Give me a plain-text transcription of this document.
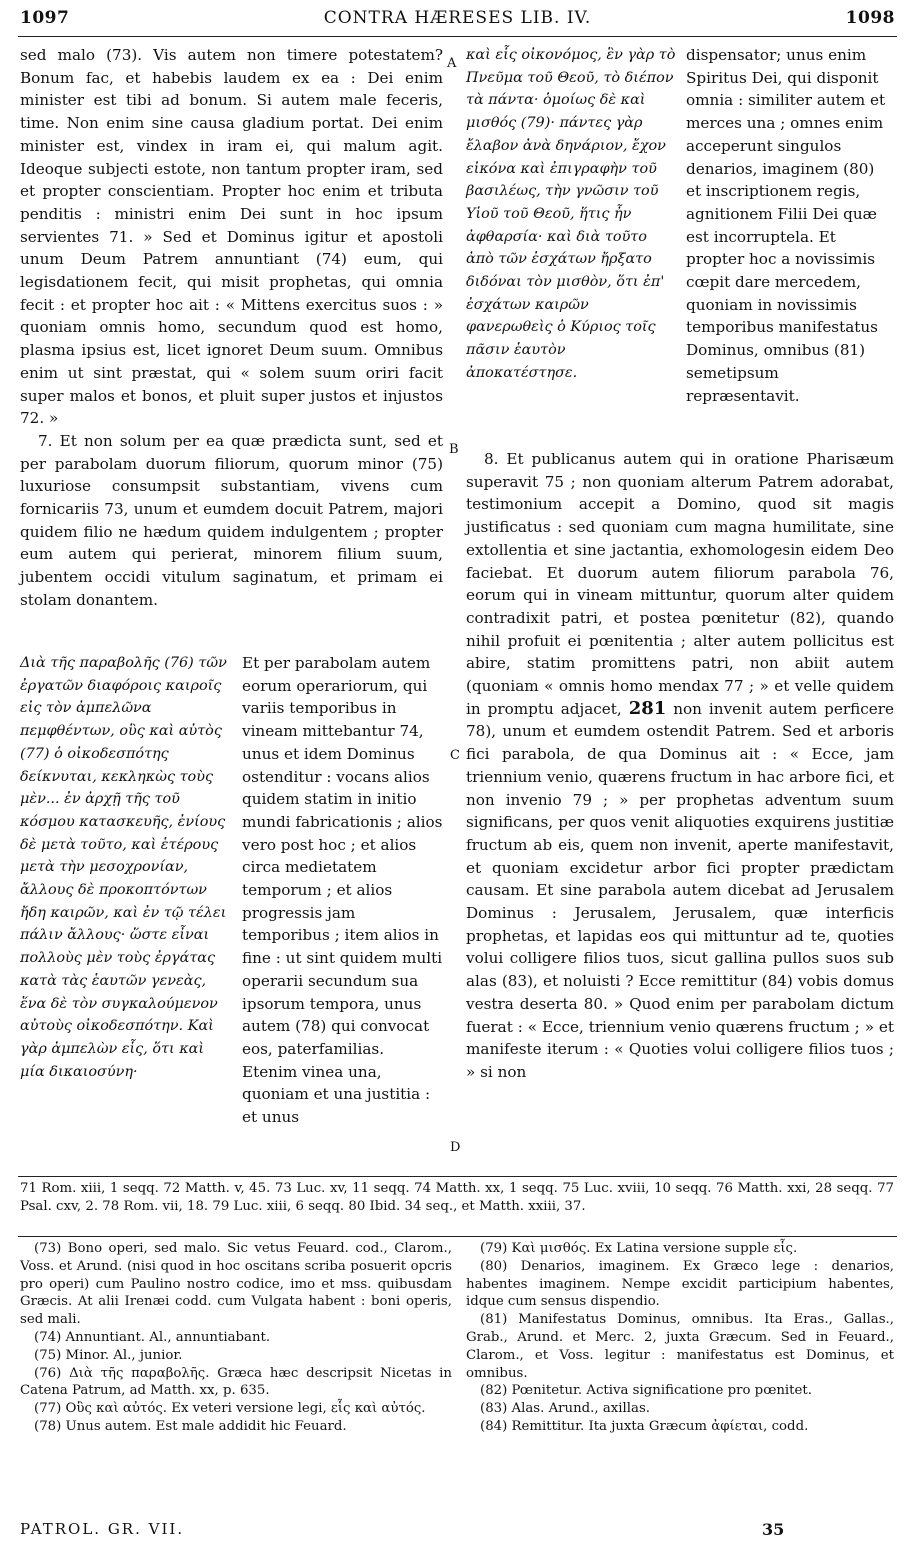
1097	CONTRA HÆRESES LIB. IV.	1098

sed malo (73). Vis autem non timere potestatem? Bonum fac, et habebis laudem ex ea : Dei enim minister est tibi ad bonum. Si autem male feceris, time. Non enim sine causa gladium portat. Dei enim minister est, vindex in iram ei, qui malum agit. Ideoque subjecti estote, non tantum propter iram, sed et propter conscientiam. Propter hoc enim et tributa penditis : ministri enim Dei sunt in hoc ipsum servientes 71. » Sed et Dominus igitur et apostoli unum Deum Patrem annuntiant (74) eum, qui legisdationem fecit, qui misit prophetas, qui omnia fecit : et propter hoc ait : « Mittens exercitus suos : » quoniam omnis homo, secundum quod est homo, plasma ipsius est, licet ignoret Deum suum. Omnibus enim ut sint præstat, qui « solem suum oriri facit super malos et bonos, et pluit super justos et injustos 72. »

7. Et non solum per ea quæ prædicta sunt, sed et per parabolam duorum filiorum, quorum minor (75) luxuriose consumpsit substantiam, vivens cum fornicariis 73, unum et eumdem docuit Patrem, majori quidem filio ne hædum quidem indulgentem ; propter eum autem qui perierat, minorem filium suum, jubentem occidi vitulum saginatum, et primam ei stolam donantem.

Διὰ τῆς παραβολῆς (76) τῶν ἐργατῶν διαφόροις καιροῖς εἰς τὸν ἀμπελῶνα πεμφθέντων, οὓς καὶ αὐτὸς (77) ὁ οἰκοδεσπότης δείκνυται, κεκληκὼς τοὺς μὲν... ἐν ἀρχῇ τῆς τοῦ κόσμου κατασκευῆς, ἐνίους δὲ μετὰ τοῦτο, καὶ ἑτέρους μετὰ τὴν μεσοχρονίαν, ἄλλους δὲ προκοπτόντων ἤδη καιρῶν, καὶ ἐν τῷ τέλει πάλιν ἄλλους· ὥστε εἶναι πολλοὺς μὲν τοὺς ἐργάτας κατὰ τὰς ἑαυτῶν γενεὰς, ἕνα δὲ τὸν συγκαλούμενον αὐτοὺς οἰκοδεσπότην. Καὶ γὰρ ἀμπελὼν εἷς, ὅτι καὶ μία δικαιοσύνη·
Et per parabolam autem eorum operariorum, qui variis temporibus in vineam mittebantur 74, unus et idem Dominus ostenditur : vocans alios quidem statim in initio mundi fabricationis ; alios vero post hoc ; et alios circa medietatem temporum ; et alios progressis jam temporibus ; item alios in fine : ut sint quidem multi operarii secundum sua ipsorum tempora, unus autem (78) qui convocat eos, paterfamilias. Etenim vinea una, quoniam et una justitia : et unus
A
B
C
D
καὶ εἷς οἰκονόμος, ἓν γὰρ τὸ Πνεῦμα τοῦ Θεοῦ, τὸ διέπον τὰ πάντα· ὁμοίως δὲ καὶ μισθός (79)· πάντες γὰρ ἔλαβον ἀνὰ δηνάριον, ἔχον εἰκόνα καὶ ἐπιγραφὴν τοῦ βασιλέως, τὴν γνῶσιν τοῦ Υἱοῦ τοῦ Θεοῦ, ἥτις ἦν ἀφθαρσία· καὶ διὰ τοῦτο ἀπὸ τῶν ἐσχάτων ἤρξατο διδόναι τὸν μισθὸν, ὅτι ἐπ' ἐσχάτων καιρῶν φανερωθεὶς ὁ Κύριος τοῖς πᾶσιν ἑαυτὸν ἀποκατέστησε.
dispensator; unus enim Spiritus Dei, qui disponit omnia : similiter autem et merces una ; omnes enim acceperunt singulos denarios, imaginem (80) et inscriptionem regis, agnitionem Filii Dei quæ est incorruptela. Et propter hoc a novissimis cœpit dare mercedem, quoniam in novissimis temporibus manifestatus Dominus, omnibus (81) semetipsum repræsentavit.

8. Et publicanus autem qui in oratione Pharisæum superavit 75 ; non quoniam alterum Patrem adorabat, testimonium accepit a Domino, quod sit magis justificatus : sed quoniam cum magna humilitate, sine extollentia et sine jactantia, exhomologesin eidem Deo faciebat. Et duorum autem filiorum parabola 76, eorum qui in vineam mittuntur, quorum alter quidem contradixit patri, et postea pœnitetur (82), quando nihil profuit ei pœnitentia ; alter autem pollicitus est abire, statim promittens patri, non abiit autem (quoniam « omnis homo mendax 77 ; » et velle quidem in promptu adjacet, 281 non invenit autem perficere 78), unum et eumdem ostendit Patrem. Sed et arboris fici parabola, de qua Dominus ait : « Ecce, jam triennium venio, quærens fructum in hac arbore fici, et non invenio 79 ; » per prophetas adventum suum significans, per quos venit aliquoties exquirens justitiæ fructum ab eis, quem non invenit, aperte manifestavit, et quoniam excidetur arbor fici propter prædictam causam. Et sine parabola autem dicebat ad Jerusalem Dominus : Jerusalem, Jerusalem, quæ interficis prophetas, et lapidas eos qui mittuntur ad te, quoties volui colligere filios tuos, sicut gallina pullos suos sub alas (83), et noluisti ? Ecce remittitur (84) vobis domus vestra deserta 80. » Quod enim per parabolam dictum fuerat : « Ecce, triennium venio quærens fructum ; » et manifeste iterum : « Quoties volui colligere filios tuos ; » si non

71 Rom. xiii, 1 seqq. 72 Matth. v, 45. 73 Luc. xv, 11 seqq. 74 Matth. xx, 1 seqq. 75 Luc. xviii, 10 seqq. 76 Matth. xxi, 28 seqq. 77 Psal. cxv, 2. 78 Rom. vii, 18. 79 Luc. xiii, 6 seqq. 80 Ibid. 34 seq., et Matth. xxiii, 37.

(73) Bono operi, sed malo. Sic vetus Feuard. cod., Clarom., Voss. et Arund. (nisi quod in hoc oscitans scriba posuerit opcris pro operi) cum Paulino nostro codice, imo et mss. quibusdam Græcis. At alii Irenæi codd. cum Vulgata habent : boni operis, sed mali.

(74) Annuntiant. Al., annuntiabant.

(75) Minor. Al., junior.

(76) Διὰ τῆς παραβολῆς. Græca hæc descripsit Nicetas in Catena Patrum, ad Matth. xx, p. 635.

(77) Οὓς καὶ αὐτός. Ex veteri versione legi, εἷς καὶ αὐτός.

(78) Unus autem. Est male addidit hic Feuard.

(79) Καὶ μισθός. Ex Latina versione supple εἷς.

(80) Denarios, imaginem. Ex Græco lege : denarios, habentes imaginem. Nempe excidit participium habentes, idque cum sensus dispendio.

(81) Manifestatus Dominus, omnibus. Ita Eras., Gallas., Grab., Arund. et Merc. 2, juxta Græcum. Sed in Feuard., Clarom., et Voss. legitur : manifestatus est Dominus, et omnibus.

(82) Pœnitetur. Activa significatione pro pœnitet.

(83) Alas. Arund., axillas.

(84) Remittitur. Ita juxta Græcum ἀφίεται, codd.

PATROL. GR. VII.	35
